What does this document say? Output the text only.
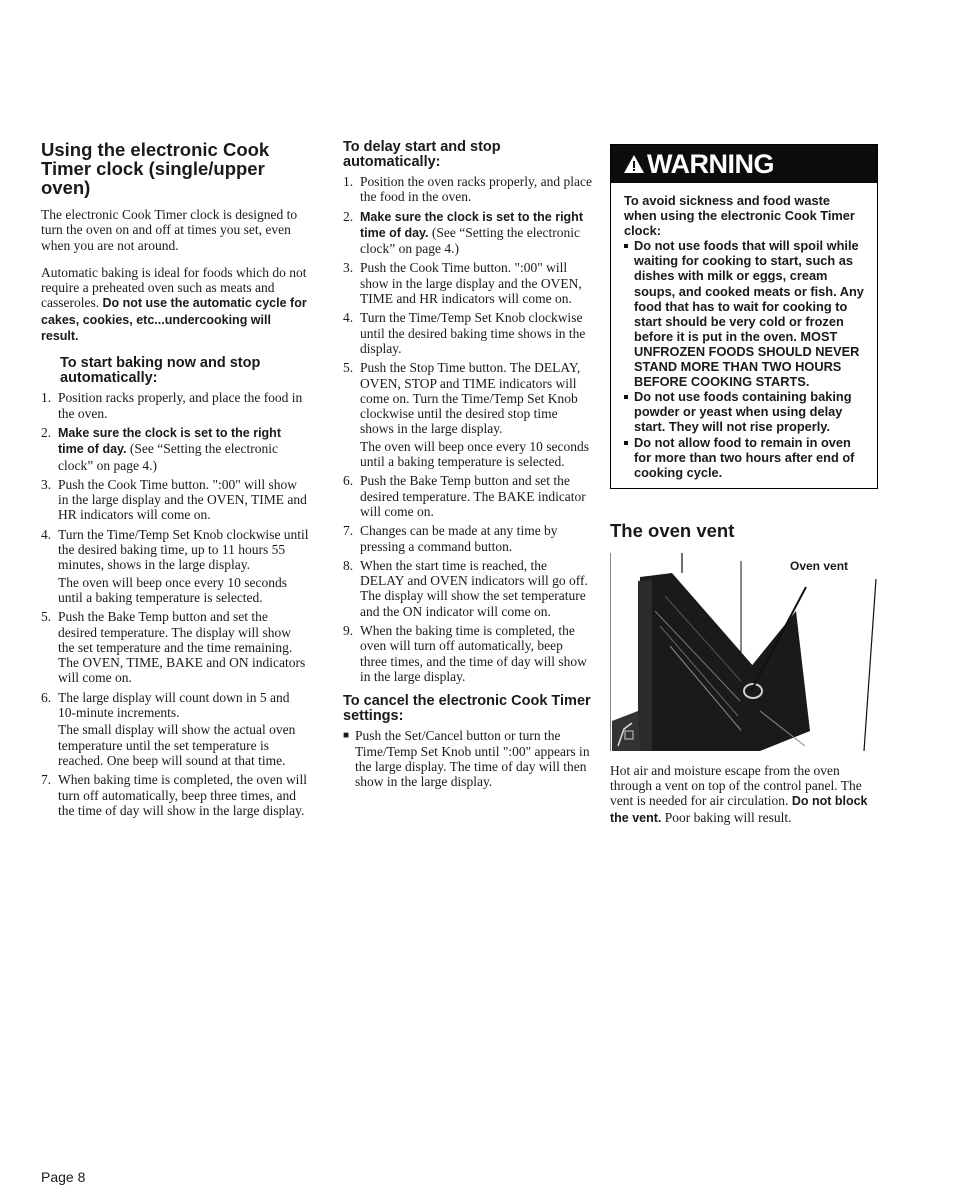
Using the electronic Cook Timer clock (single/upper oven)

The electronic Cook Timer clock is designed to turn the oven on and off at times you set, even when you are not around.

Automatic baking is ideal for foods which do not require a preheated oven such as meats and casseroles. Do not use the automatic cycle for cakes, cookies, etc...undercooking will result.

To start baking now and stop automatically:
1. Position racks properly, and place the food in the oven.
2. Make sure the clock is set to the right time of day. (See “Setting the electronic clock” on page 4.)
3. Push the Cook Time button. ":00" will show in the large display and the OVEN, TIME and HR indicators will come on.
4. Turn the Time/Temp Set Knob clockwise until the desired baking time, up to 11 hours 55 minutes, shows in the large display.
The oven will beep once every 10 seconds until a baking temperature is selected.
5. Push the Bake Temp button and set the desired temperature. The display will show the set temperature and the time remaining. The OVEN, TIME, BAKE and ON indicators will come on.
6. The large display will count down in 5 and 10-minute increments.
The small display will show the actual oven temperature until the set temperature is reached. One beep will sound at that time.
7. When baking time is completed, the oven will turn off automatically, beep three times, and the time of day will show in the large display.
To delay start and stop automatically:
1. Position the oven racks properly, and place the food in the oven.
2. Make sure the clock is set to the right time of day. (See “Setting the electronic clock” on page 4.)
3. Push the Cook Time button. ":00" will show in the large display and the OVEN, TIME and HR indicators will come on.
4. Turn the Time/Temp Set Knob clockwise until the desired baking time shows in the display.
5. Push the Stop Time button. The DELAY, OVEN, STOP and TIME indicators will come on. Turn the Time/Temp Set Knob clockwise until the desired stop time shows in the large display.
The oven will beep once every 10 seconds until a baking temperature is selected.
6. Push the Bake Temp button and set the desired temperature. The BAKE indicator will come on.
7. Changes can be made at any time by pressing a command button.
8. When the start time is reached, the DELAY and OVEN indicators will go off. The display will show the set temperature and the ON indicator will come on.
9. When the baking time is completed, the oven will turn off automatically, beep three times, and the time of day will show in the large display.
To cancel the electronic Cook Timer settings:
■ Push the Set/Cancel button or turn the Time/Temp Set Knob until ":00" appears in the large display. The time of day will then show in the large display.
WARNING
To avoid sickness and food waste when using the electronic Cook Timer clock:
Do not use foods that will spoil while waiting for cooking to start, such as dishes with milk or eggs, cream soups, and cooked meats or fish. Any food that has to wait for cooking to start should be very cold or frozen before it is put in the oven. MOST UNFROZEN FOODS SHOULD NEVER STAND MORE THAN TWO HOURS BEFORE COOKING STARTS.
Do not use foods containing baking powder or yeast when using delay start. They will not rise properly.
Do not allow food to remain in oven for more than two hours after end of cooking cycle.
The oven vent
Oven vent

Hot air and moisture escape from the oven through a vent on top of the control panel. The vent is needed for air circulation. Do not block the vent. Poor baking will result.

Page 8
